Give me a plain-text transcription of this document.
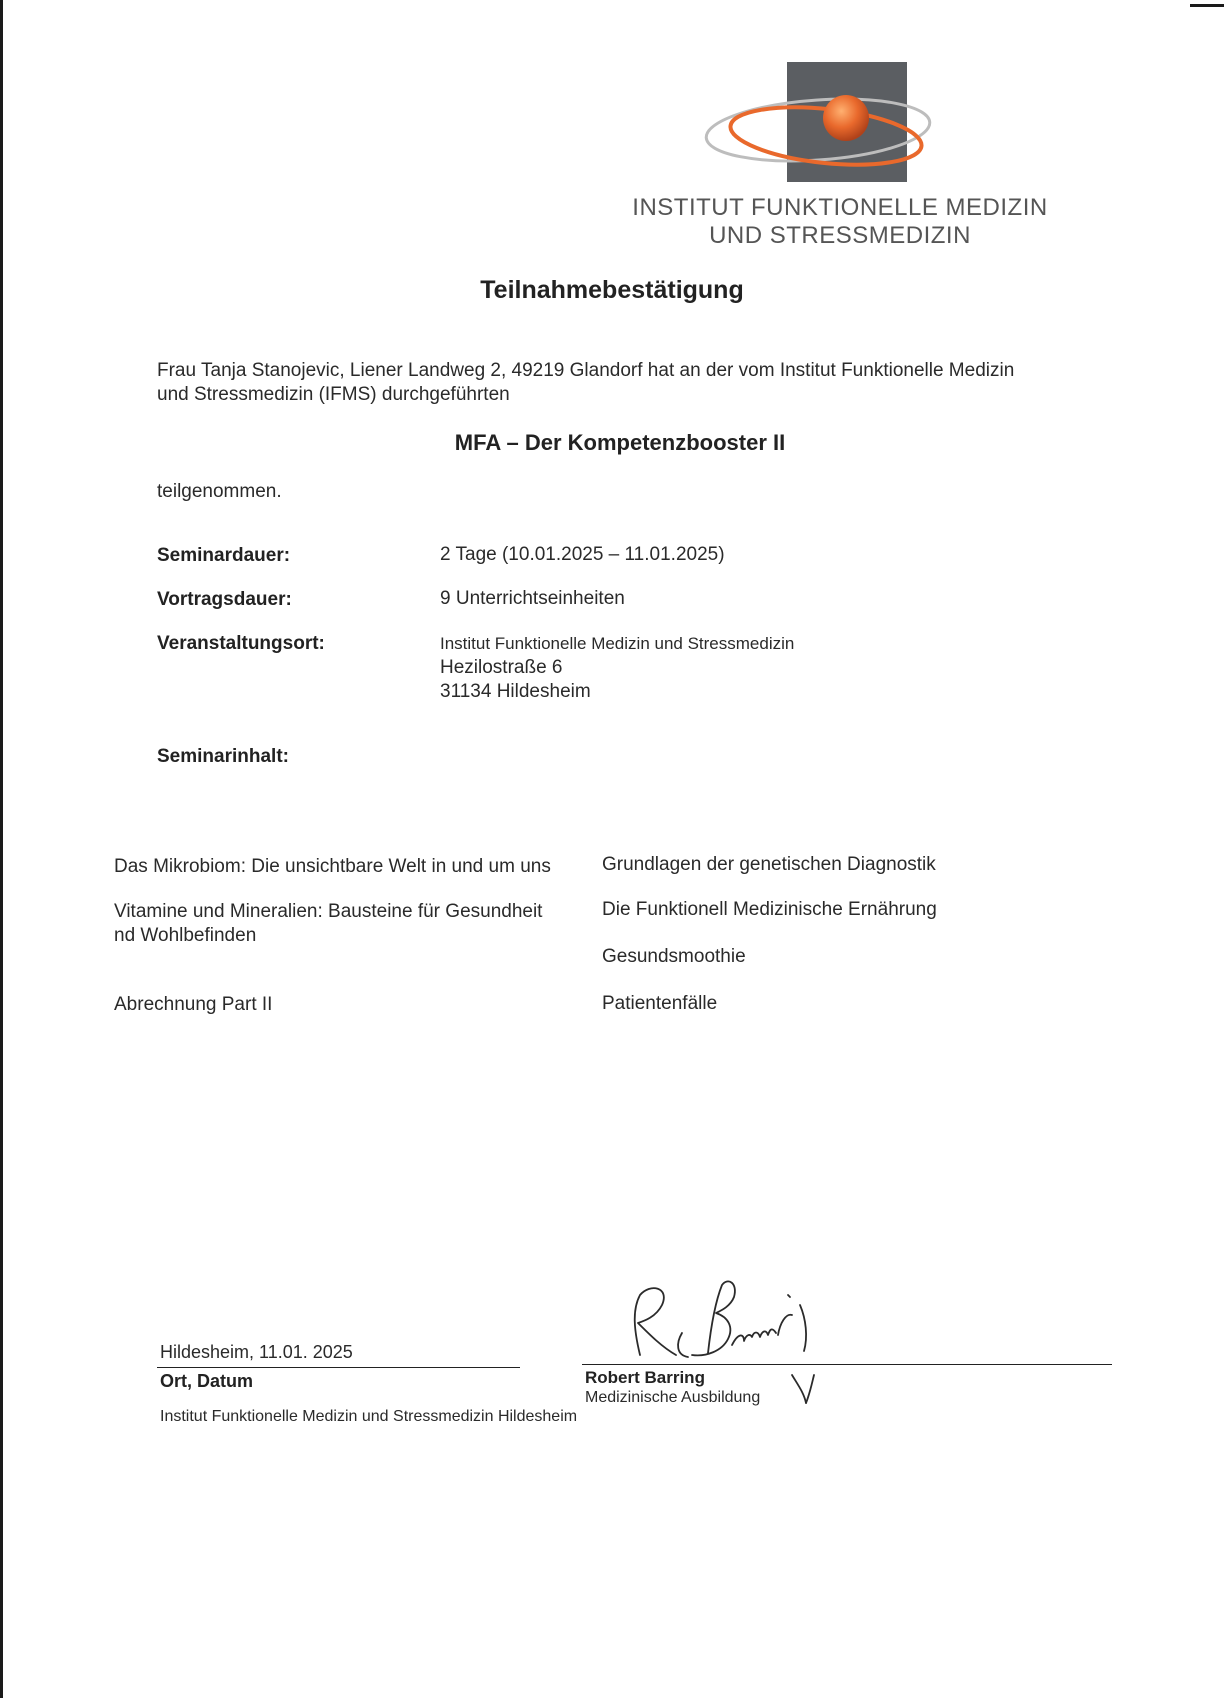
INSTITUT FUNKTIONELLE MEDIZIN
UND STRESSMEDIZIN
Teilnahmebestätigung
Frau Tanja Stanojevic, Liener Landweg 2, 49219 Glandorf hat an der vom Institut Funktionelle Medizin
und Stressmedizin (IFMS) durchgeführten
MFA – Der Kompetenzbooster II
teilgenommen.
Seminardauer:	2 Tage (10.01.2025 – 11.01.2025)
Vortragsdauer:	9 Unterrichtseinheiten
Veranstaltungsort:	Institut Funktionelle Medizin und Stressmedizin
Hezilostraße 6
31134 Hildesheim
Seminarinhalt:
Das Mikrobiom: Die unsichtbare Welt in und um uns
Vitamine und Mineralien: Bausteine für Gesundheit
nd Wohlbefinden
Abrechnung Part II
Grundlagen der genetischen Diagnostik
Die Funktionell Medizinische Ernährung
Gesundsmoothie
Patientenfälle
Hildesheim, 11.01. 2025
Ort, Datum	Robert Barring
Medizinische Ausbildung
Institut Funktionelle Medizin und Stressmedizin Hildesheim
